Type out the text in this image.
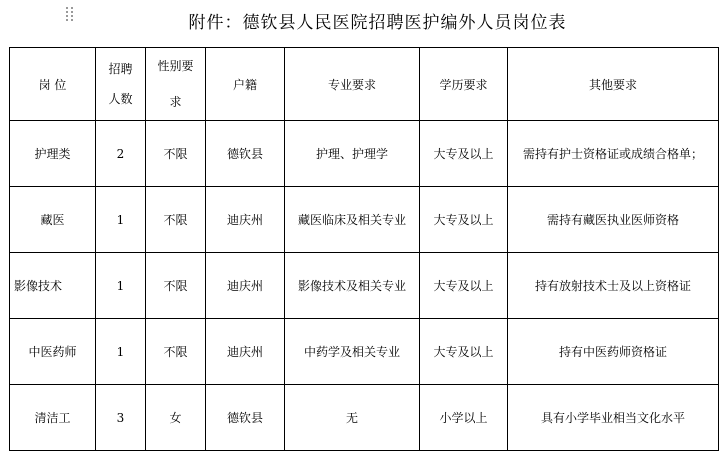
附件：德钦县人民医院招聘医护编外人员岗位表
岗 位	招聘人数	性别要求	户籍	专业要求	学历要求	其他要求
护理类	2	不限	德钦县	护理、护理学	大专及以上	需持有护士资格证或成绩合格单；
藏医	1	不限	迪庆州	藏医临床及相关专业	大专及以上	需持有藏医执业医师资格
影像技术	1	不限	迪庆州	影像技术及相关专业	大专及以上	持有放射技术士及以上资格证
中医药师	1	不限	迪庆州	中药学及相关专业	大专及以上	持有中医药师资格证
清洁工	3	女	德钦县	无	小学以上	具有小学毕业相当文化水平
